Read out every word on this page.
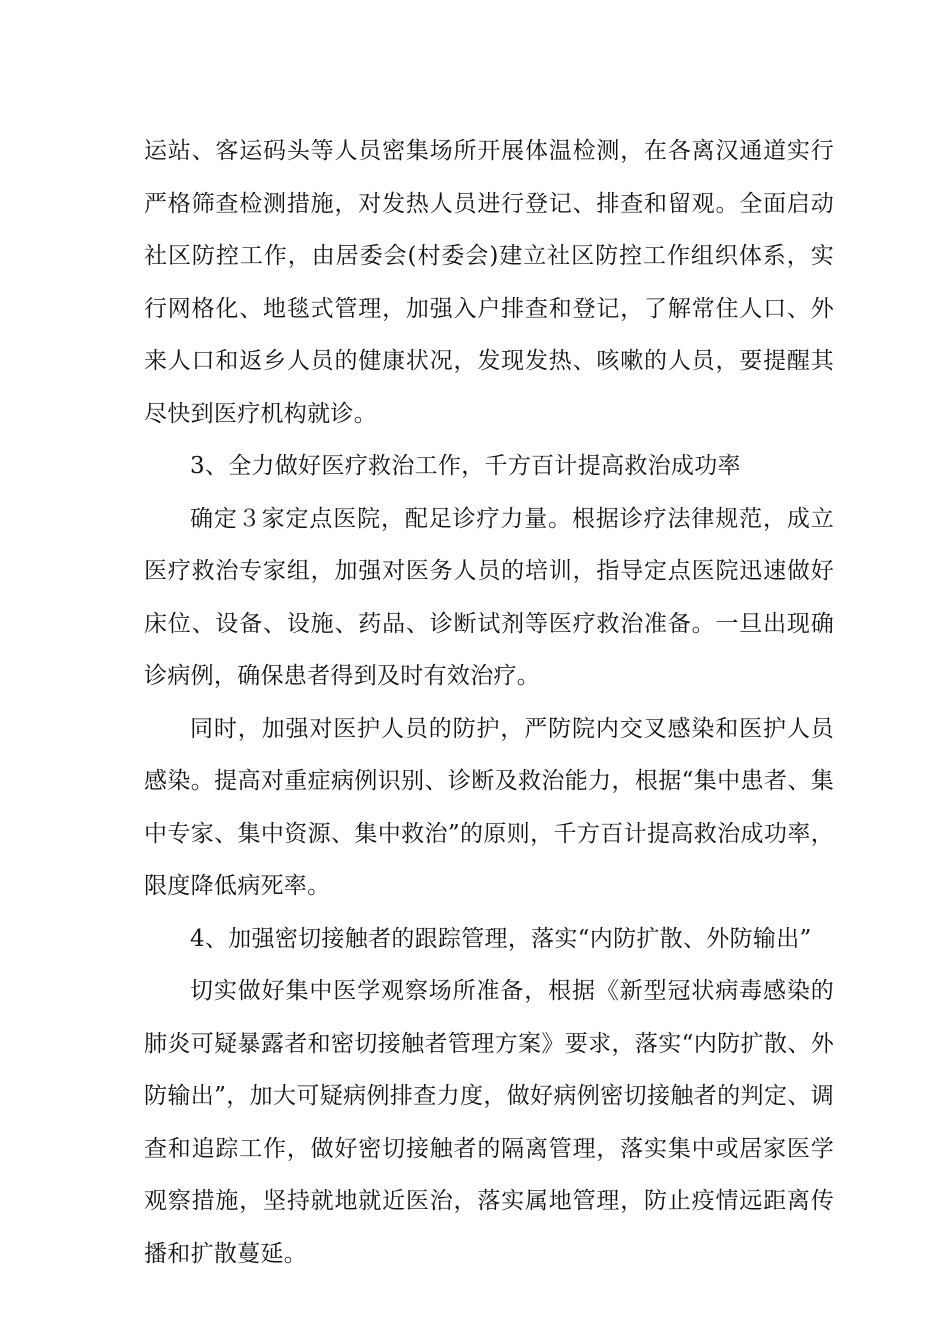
运站、客运码头等人员密集场所开展体温检测，在各离汉通道实行严格筛查检测措施，对发热人员进行登记、排查和留观。全面启动社区防控工作，由居委会(村委会)建立社区防控工作组织体系，实行网格化、地毯式管理，加强入户排查和登记，了解常住人口、外来人口和返乡人员的健康状况，发现发热、咳嗽的人员，要提醒其尽快到医疗机构就诊。

3、全力做好医疗救治工作，千方百计提高救治成功率

确定３家定点医院，配足诊疗力量。根据诊疗法律规范，成立医疗救治专家组，加强对医务人员的培训，指导定点医院迅速做好床位、设备、设施、药品、诊断试剂等医疗救治准备。一旦出现确诊病例，确保患者得到及时有效治疗。

同时，加强对医护人员的防护，严防院内交叉感染和医护人员感染。提高对重症病例识别、诊断及救治能力，根据“集中患者、集中专家、集中资源、集中救治”的原则，千方百计提高救治成功率，限度降低病死率。

4、加强密切接触者的跟踪管理，落实“内防扩散、外防输出”

切实做好集中医学观察场所准备，根据《新型冠状病毒感染的肺炎可疑暴露者和密切接触者管理方案》要求，落实“内防扩散、外防输出”，加大可疑病例排查力度，做好病例密切接触者的判定、调查和追踪工作，做好密切接触者的隔离管理，落实集中或居家医学观察措施，坚持就地就近医治，落实属地管理，防止疫情远距离传播和扩散蔓延。
